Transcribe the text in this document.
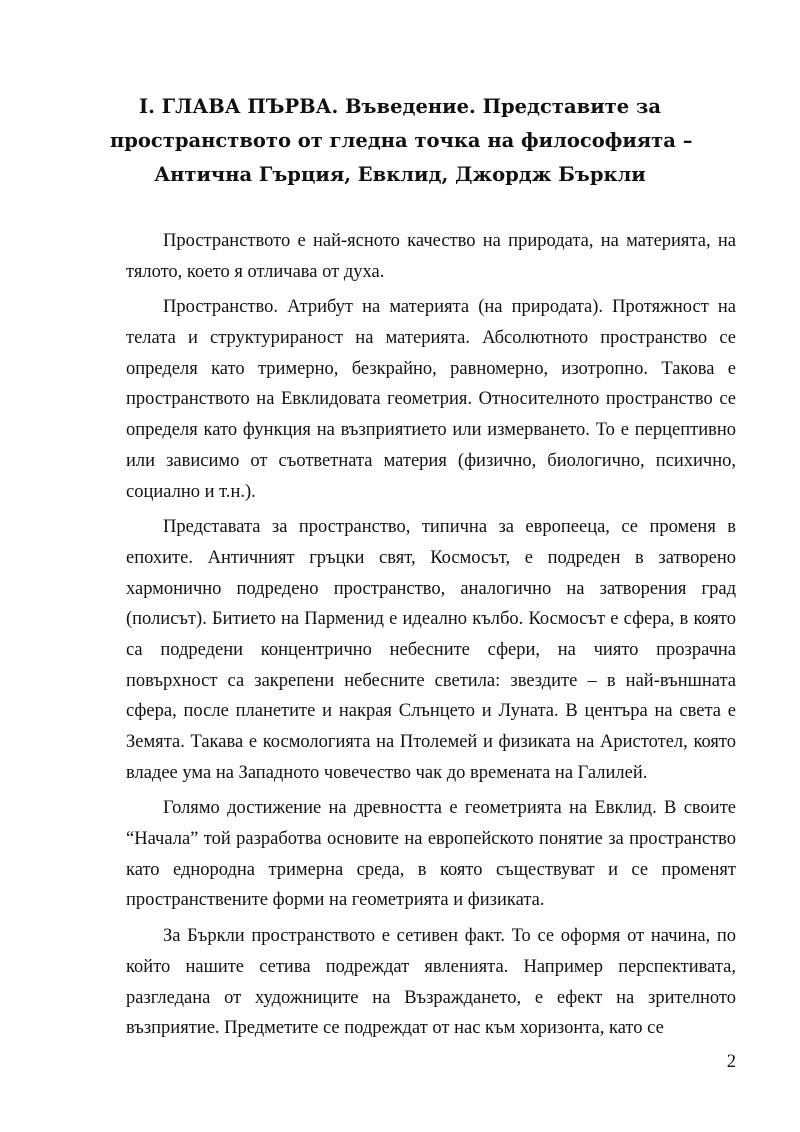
I. ГЛАВА ПЪРВА. Въведение. Представите за
пространството от гледна точка на философията –
Антична Гърция, Евклид, Джордж Бъркли
Пространството е най-ясното качество на природата, на материята, на
тялото, което я отличава от духа.
Пространство. Атрибут на материята (на природата). Протяжност на
телата и структурираност на материята. Абсолютното пространство се
определя като тримерно, безкрайно, равномерно, изотропно. Такова е
пространството на Евклидовата геометрия. Относителното пространство се
определя като функция на възприятието или измерването. То е перцептивно
или зависимо от съответната материя (физично, биологично, психично,
социално и т.н.).
Представата за пространство, типична за европееца, се променя в
епохите. Античният гръцки свят, Космосът, е подреден в затворено
хармонично подредено пространство, аналогично на затворения град
(полисът). Битието на Парменид е идеално кълбо. Космосът е сфера, в която
са подредени концентрично небесните сфери, на чиято прозрачна
повърхност са закрепени небесните светила: звездите – в най-външната
сфера, после планетите и накрая Слънцето и Луната. В центъра на света е
Земята. Такава е космологията на Птолемей и физиката на Аристотел, която
владее ума на Западното човечество чак до времената на Галилей.
Голямо достижение на древността е геометрията на Евклид. В своите
“Начала” той разработва основите на европейското понятие за пространство
като еднородна тримерна среда, в която съществуват и се променят
пространствените форми на геометрията и физиката.
За Бъркли пространството е сетивен факт. То се оформя от начина, по
който нашите сетива подреждат явленията. Например перспективата,
разгледана от художниците на Възраждането, е ефект на зрителното
възприятие. Предметите се подреждат от нас към хоризонта, като се
2
